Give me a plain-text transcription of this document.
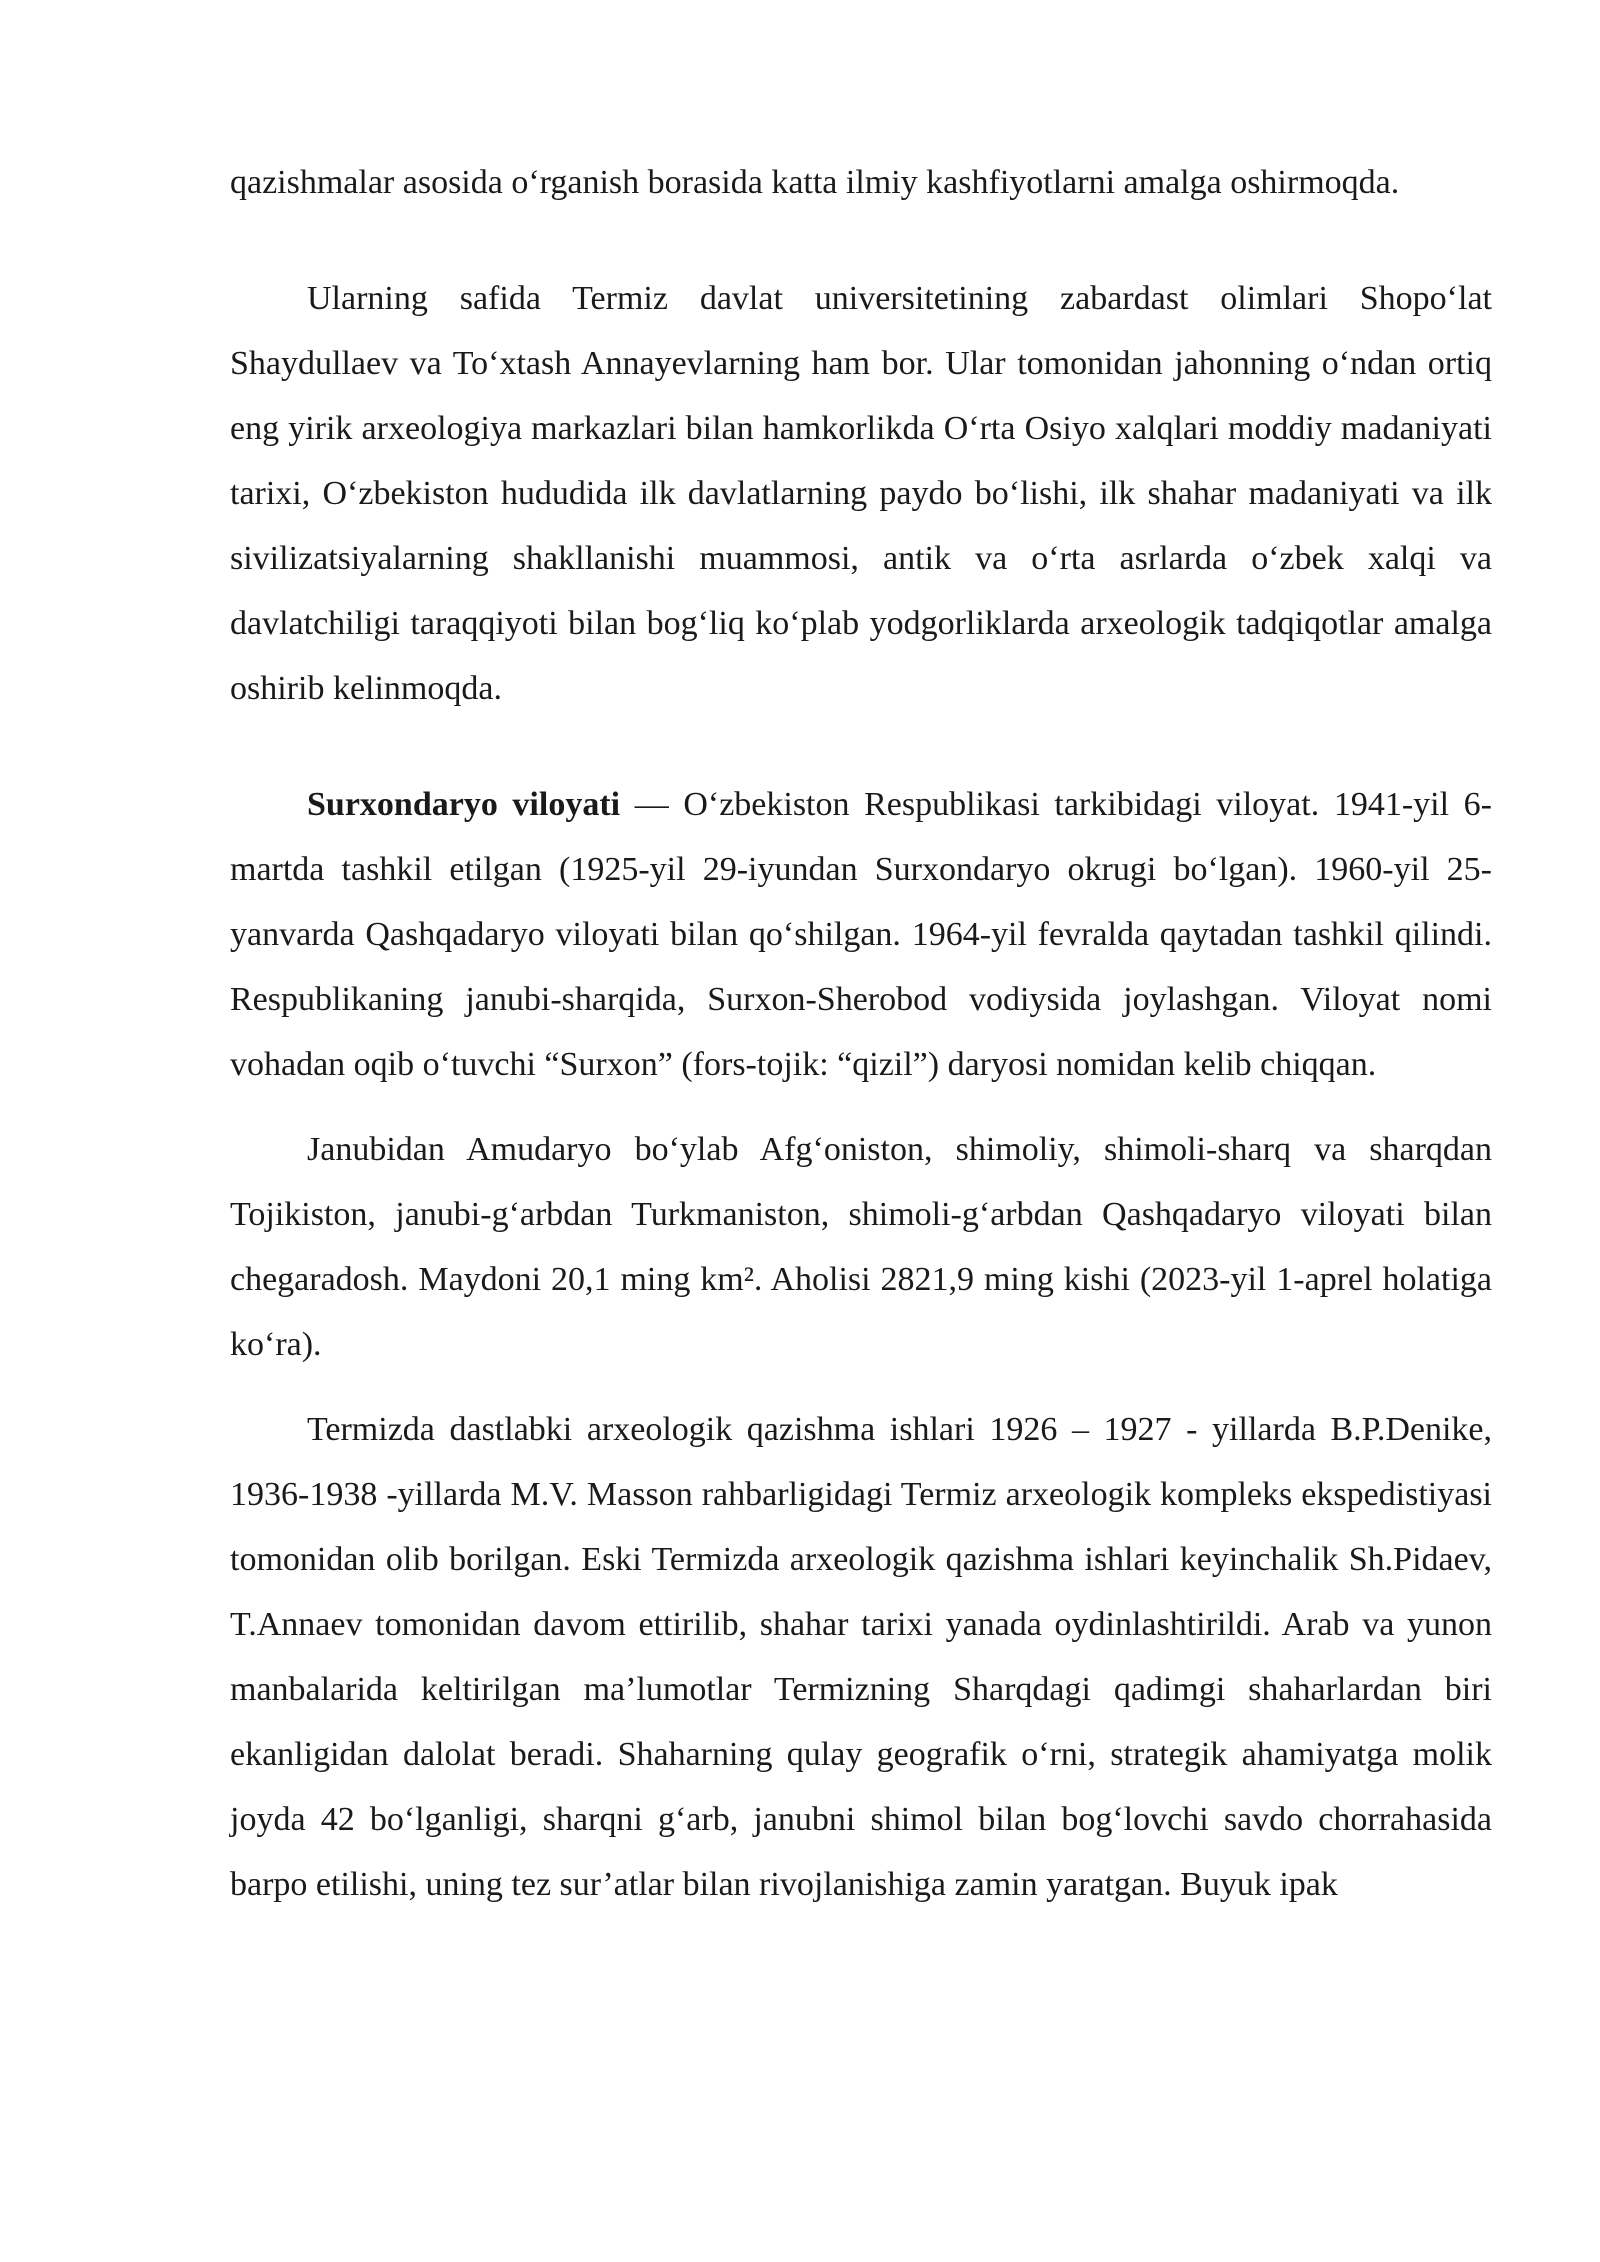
qazishmalar asosida o‘rganish borasida katta ilmiy kashfiyotlarni amalga oshirmoqda.

Ularning safida Termiz davlat universitetining zabardast olimlari Shopo‘lat Shaydullaev va To‘xtash Annayevlarning ham bor. Ular tomonidan jahonning o‘ndan ortiq eng yirik arxeologiya markazlari bilan hamkorlikda O‘rta Osiyo xalqlari moddiy madaniyati tarixi, O‘zbekiston hududida ilk davlatlarning paydo bo‘lishi, ilk shahar madaniyati va ilk sivilizatsiyalarning shakllanishi muammosi, antik va o‘rta asrlarda o‘zbek xalqi va davlatchiligi taraqqiyoti bilan bog‘liq ko‘plab yodgorliklarda arxeologik tadqiqotlar amalga oshirib kelinmoqda.

Surxondaryo viloyati — O‘zbekiston Respublikasi tarkibidagi viloyat. 1941-yil 6-martda tashkil etilgan (1925-yil 29-iyundan Surxondaryo okrugi bo‘lgan). 1960-yil 25-yanvarda Qashqadaryo viloyati bilan qo‘shilgan. 1964-yil fevralda qaytadan tashkil qilindi. Respublikaning janubi-sharqida, Surxon-Sherobod vodiysida joylashgan. Viloyat nomi vohadan oqib o‘tuvchi “Surxon” (fors-tojik: “qizil”) daryosi nomidan kelib chiqqan.

Janubidan Amudaryo bo‘ylab Afg‘oniston, shimoliy, shimoli-sharq va sharqdan Tojikiston, janubi-g‘arbdan Turkmaniston, shimoli-g‘arbdan Qashqadaryo viloyati bilan chegaradosh. Maydoni 20,1 ming km². Aholisi 2821,9 ming kishi (2023-yil 1-aprel holatiga ko‘ra).

Termizda dastlabki arxeologik qazishma ishlari 1926 – 1927 - yillarda B.P.Denike, 1936-1938 -yillarda M.V. Masson rahbarligidagi Termiz arxeologik kompleks ekspedistiyasi tomonidan olib borilgan. Eski Termizda arxeologik qazishma ishlari keyinchalik Sh.Pidaev, T.Annaev tomonidan davom ettirilib, shahar tarixi yanada oydinlashtirildi. Arab va yunon manbalarida keltirilgan ma’lumotlar Termizning Sharqdagi qadimgi shaharlardan biri ekanligidan dalolat beradi. Shaharning qulay geografik o‘rni, strategik ahamiyatga molik joyda 42 bo‘lganligi, sharqni g‘arb, janubni shimol bilan bog‘lovchi savdo chorrahasida barpo etilishi, uning tez sur’atlar bilan rivojlanishiga zamin yaratgan. Buyuk ipak
